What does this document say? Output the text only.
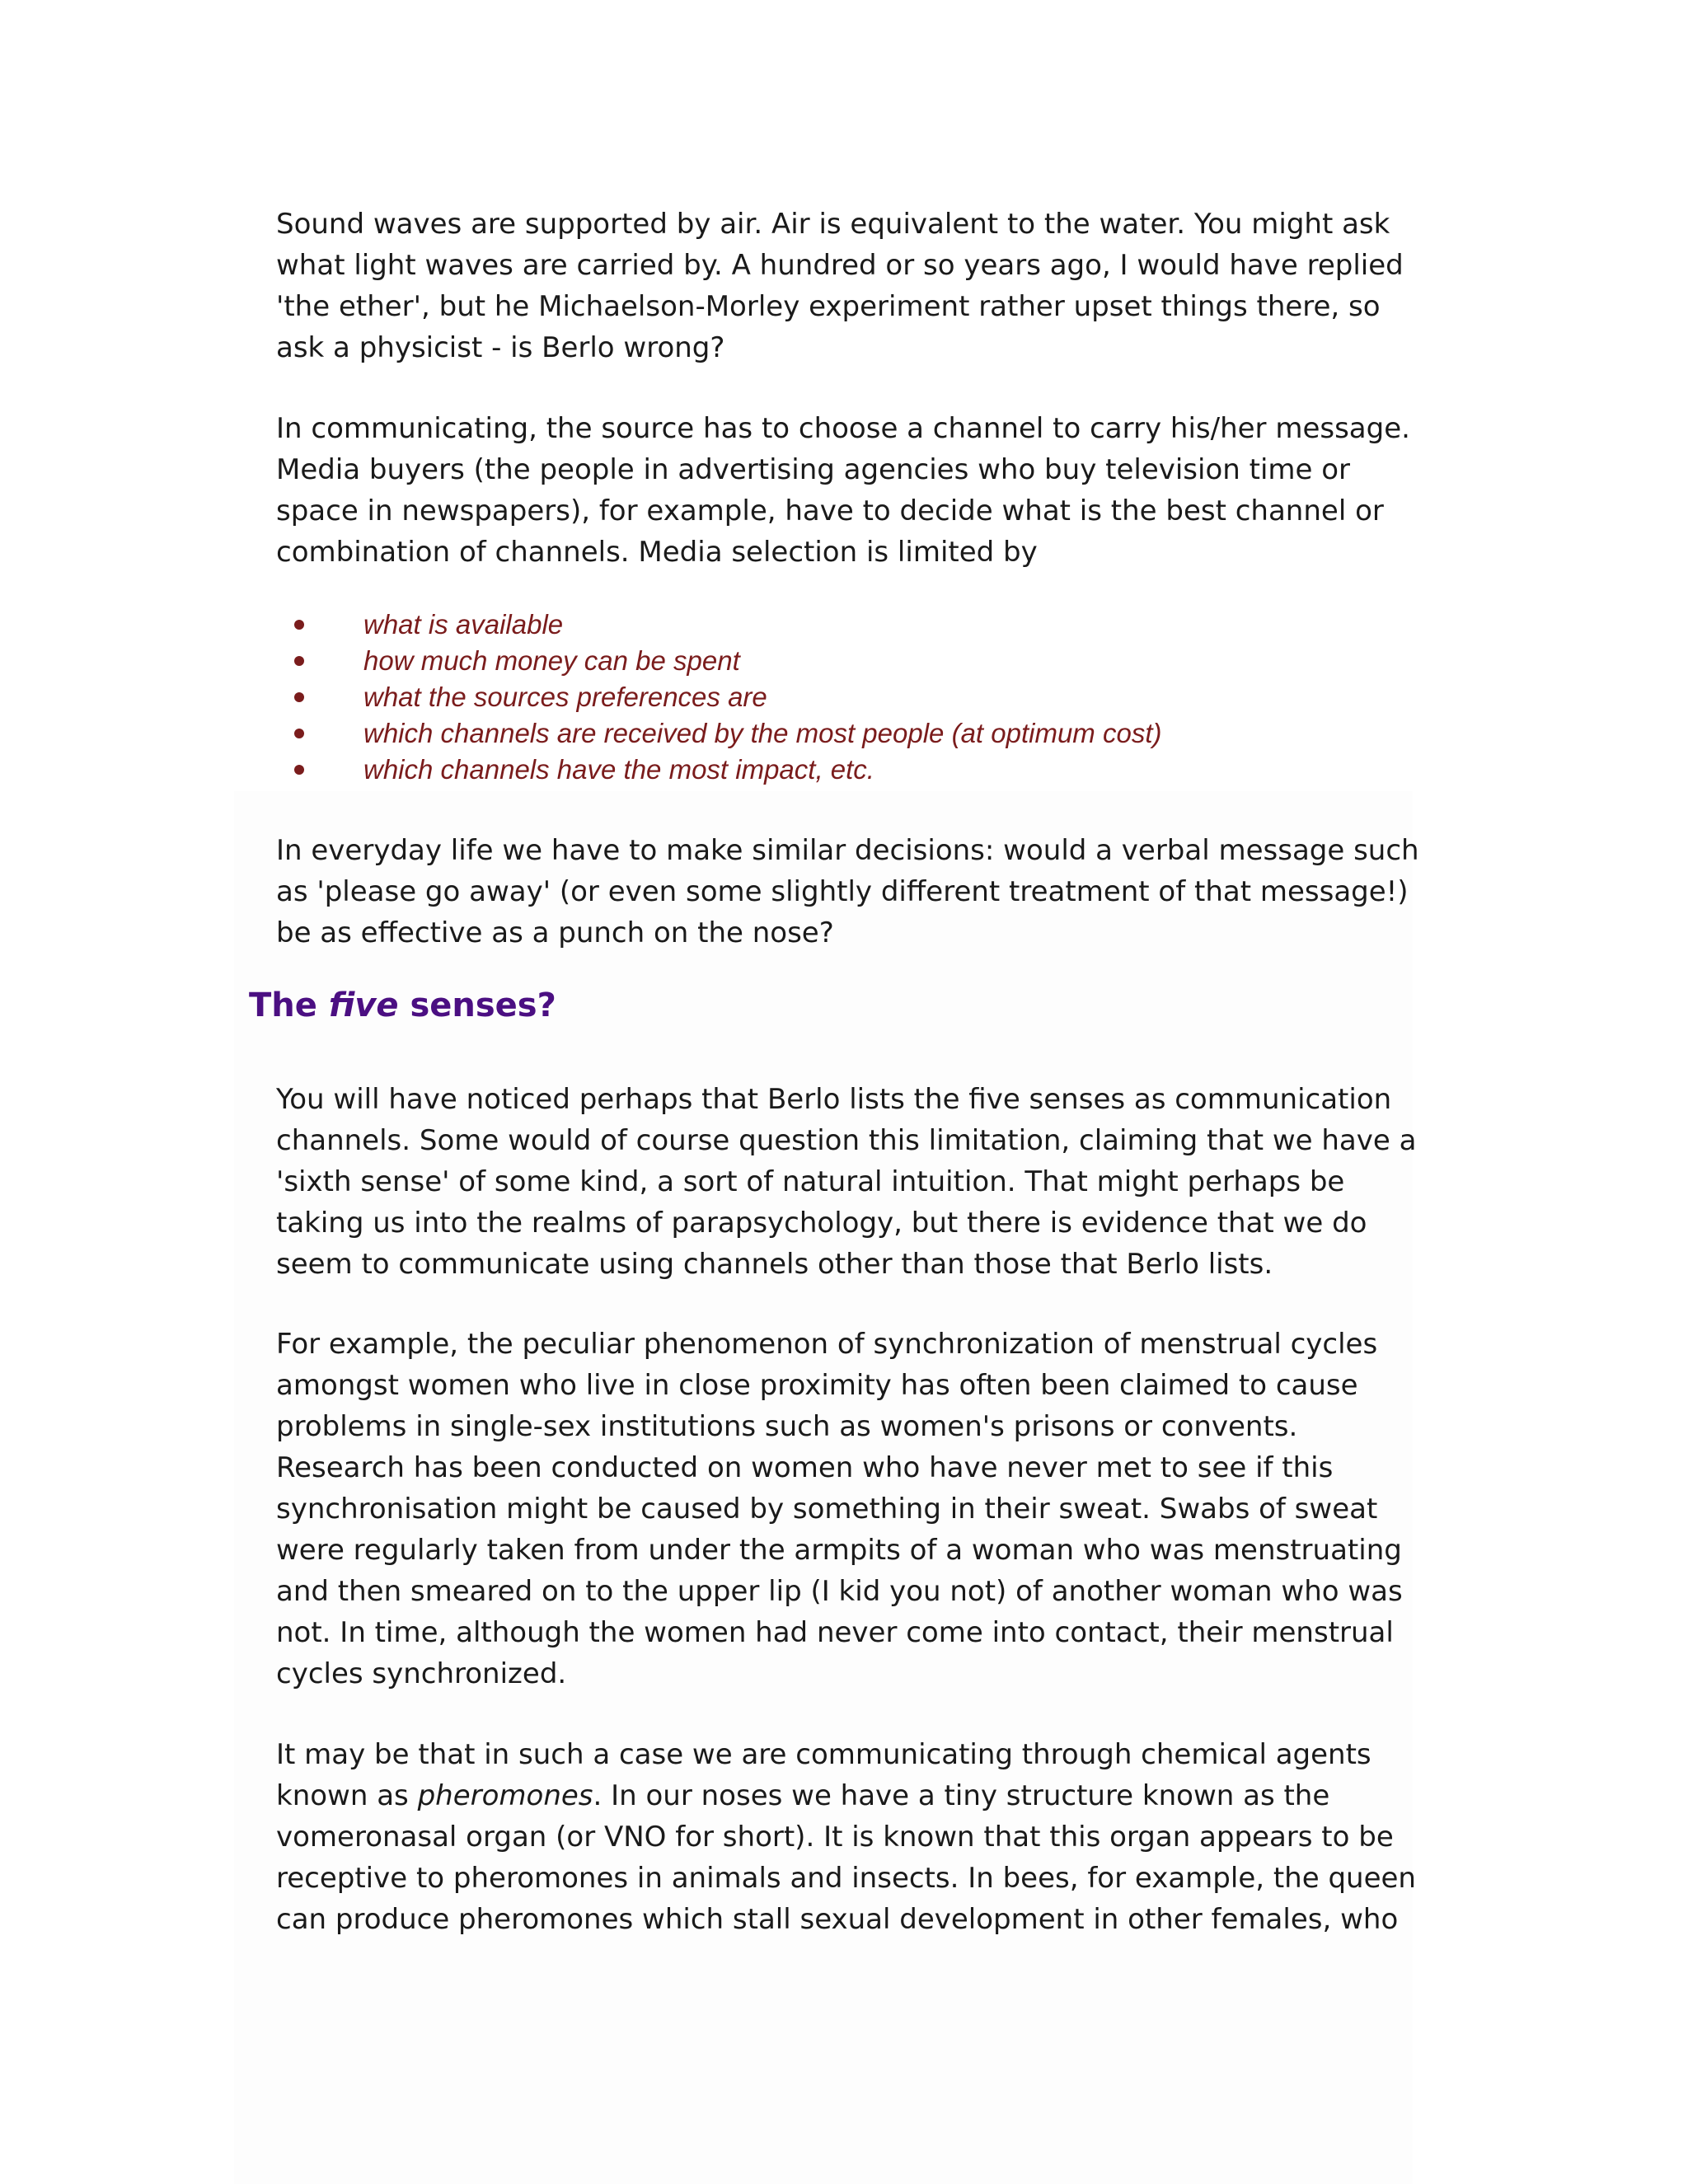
Sound waves are supported by air. Air is equivalent to the water. You might ask
what light waves are carried by. A hundred or so years ago, I would have replied
'the ether', but he Michaelson-Morley experiment rather upset things there, so
ask a physicist - is Berlo wrong?

In communicating, the source has to choose a channel to carry his/her message.
Media buyers (the people in advertising agencies who buy television time or
space in newspapers), for example, have to decide what is the best channel or
combination of channels. Media selection is limited by

what is available
how much money can be spent
what the sources preferences are
which channels are received by the most people (at optimum cost)
which channels have the most impact, etc.

In everyday life we have to make similar decisions: would a verbal message such
as 'please go away' (or even some slightly different treatment of that message!)
be as effective as a punch on the nose?

The five senses?

You will have noticed perhaps that Berlo lists the five senses as communication
channels. Some would of course question this limitation, claiming that we have a
'sixth sense' of some kind, a sort of natural intuition. That might perhaps be
taking us into the realms of parapsychology, but there is evidence that we do
seem to communicate using channels other than those that Berlo lists.

For example, the peculiar phenomenon of synchronization of menstrual cycles
amongst women who live in close proximity has often been claimed to cause
problems in single-sex institutions such as women's prisons or convents.
Research has been conducted on women who have never met to see if this
synchronisation might be caused by something in their sweat. Swabs of sweat
were regularly taken from under the armpits of a woman who was menstruating
and then smeared on to the upper lip (I kid you not) of another woman who was
not. In time, although the women had never come into contact, their menstrual
cycles synchronized.

It may be that in such a case we are communicating through chemical agents
known as pheromones. In our noses we have a tiny structure known as the
vomeronasal organ (or VNO for short). It is known that this organ appears to be
receptive to pheromones in animals and insects. In bees, for example, the queen
can produce pheromones which stall sexual development in other females, who
